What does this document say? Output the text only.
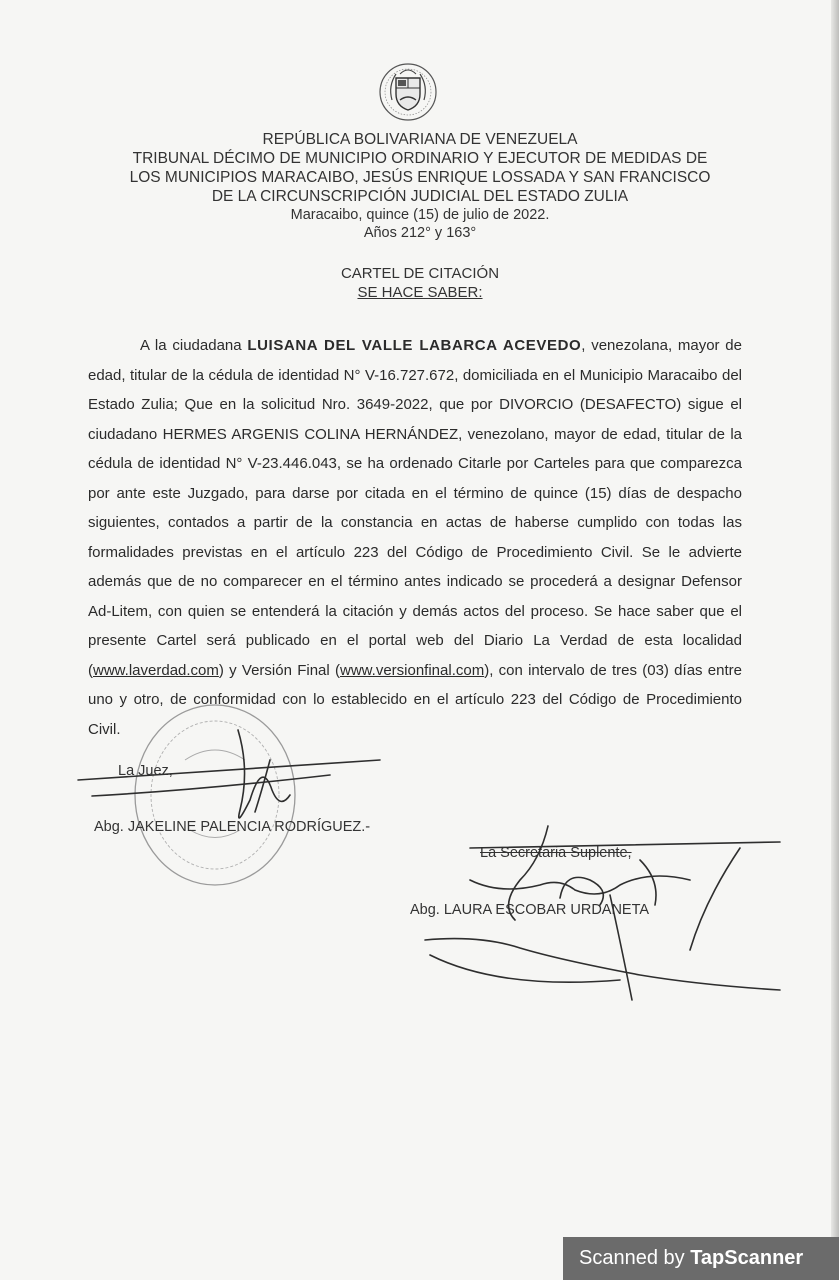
REPÚBLICA BOLIVARIANA DE VENEZUELA
TRIBUNAL DÉCIMO DE MUNICIPIO ORDINARIO Y EJECUTOR DE MEDIDAS DE
LOS MUNICIPIOS MARACAIBO, JESÚS ENRIQUE LOSSADA Y SAN FRANCISCO
DE LA CIRCUNSCRIPCIÓN JUDICIAL DEL ESTADO ZULIA
Maracaibo, quince (15) de julio de 2022.
Años 212° y 163°
CARTEL DE CITACIÓN
SE HACE SABER:

A la ciudadana LUISANA DEL VALLE LABARCA ACEVEDO, venezolana, mayor de edad, titular de la cédula de identidad N° V-16.727.672, domiciliada en el Municipio Maracaibo del Estado Zulia; Que en la solicitud Nro. 3649-2022, que por DIVORCIO (DESAFECTO) sigue el ciudadano HERMES ARGENIS COLINA HERNÁNDEZ, venezolano, mayor de edad, titular de la cédula de identidad N° V-23.446.043, se ha ordenado Citarle por Carteles para que comparezca por ante este Juzgado, para darse por citada en el término de quince (15) días de despacho siguientes, contados a partir de la constancia en actas de haberse cumplido con todas las formalidades previstas en el artículo 223 del Código de Procedimiento Civil. Se le advierte además que de no comparecer en el término antes indicado se procederá a designar Defensor Ad-Litem, con quien se entenderá la citación y demás actos del proceso. Se hace saber que el presente Cartel será publicado en el portal web del Diario La Verdad de esta localidad (www.laverdad.com) y Versión Final (www.versionfinal.com), con intervalo de tres (03) días entre uno y otro, de conformidad con lo establecido en el artículo 223 del Código de Procedimiento Civil.

La Juez,
Abg. JAKELINE PALENCIA RODRÍGUEZ.-
La Secretaria Suplente,
Abg. LAURA ESCOBAR URDANETA
Scanned by TapScanner
